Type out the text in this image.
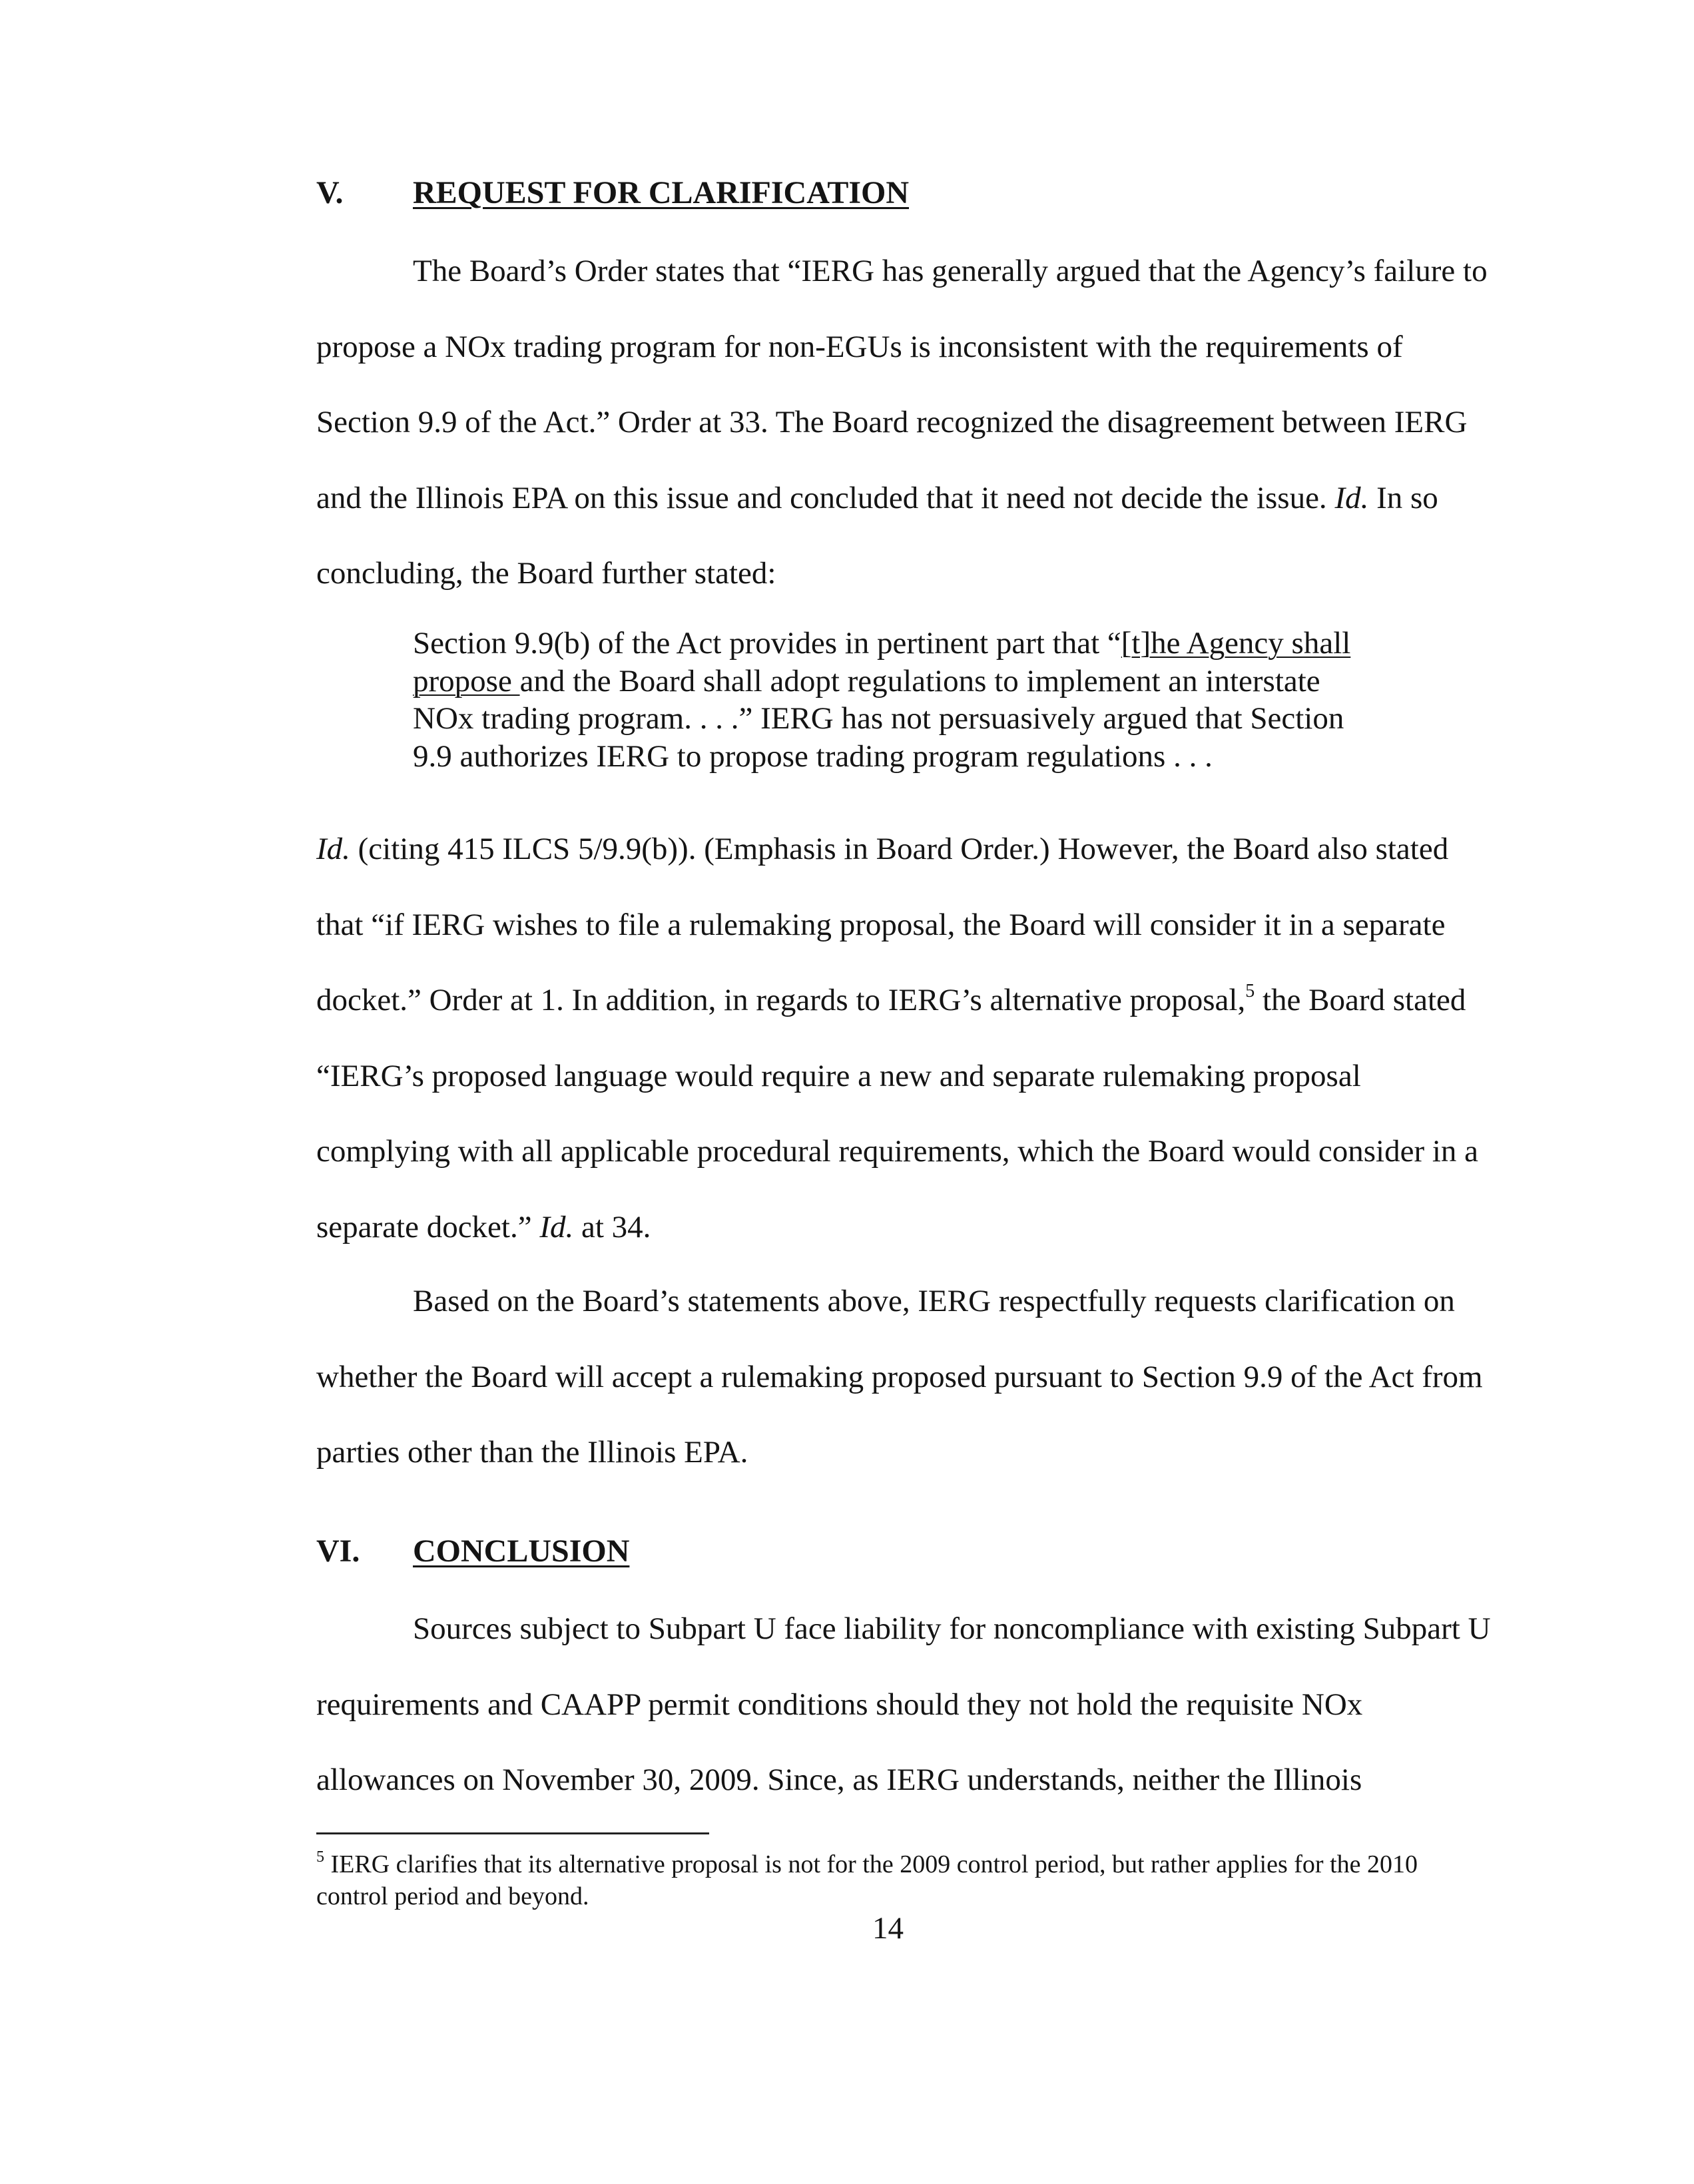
V. REQUEST FOR CLARIFICATION

The Board’s Order states that “IERG has generally argued that the Agency’s failure to propose a NOx trading program for non-EGUs is inconsistent with the requirements of Section 9.9 of the Act.” Order at 33. The Board recognized the disagreement between IERG and the Illinois EPA on this issue and concluded that it need not decide the issue. Id. In so concluding, the Board further stated:

Section 9.9(b) of the Act provides in pertinent part that “[t]he Agency shall propose and the Board shall adopt regulations to implement an interstate NOx trading program. . . .” IERG has not persuasively argued that Section 9.9 authorizes IERG to propose trading program regulations . . .

Id. (citing 415 ILCS 5/9.9(b)). (Emphasis in Board Order.) However, the Board also stated that “if IERG wishes to file a rulemaking proposal, the Board will consider it in a separate docket.” Order at 1. In addition, in regards to IERG’s alternative proposal,$^5$ the Board stated “IERG’s proposed language would require a new and separate rulemaking proposal complying with all applicable procedural requirements, which the Board would consider in a separate docket.” Id. at 34.

Based on the Board’s statements above, IERG respectfully requests clarification on whether the Board will accept a rulemaking proposed pursuant to Section 9.9 of the Act from parties other than the Illinois EPA.

VI. CONCLUSION

Sources subject to Subpart U face liability for noncompliance with existing Subpart U requirements and CAAPP permit conditions should they not hold the requisite NOx allowances on November 30, 2009. Since, as IERG understands, neither the Illinois

$^5$ IERG clarifies that its alternative proposal is not for the 2009 control period, but rather applies for the 2010 control period and beyond.

14
